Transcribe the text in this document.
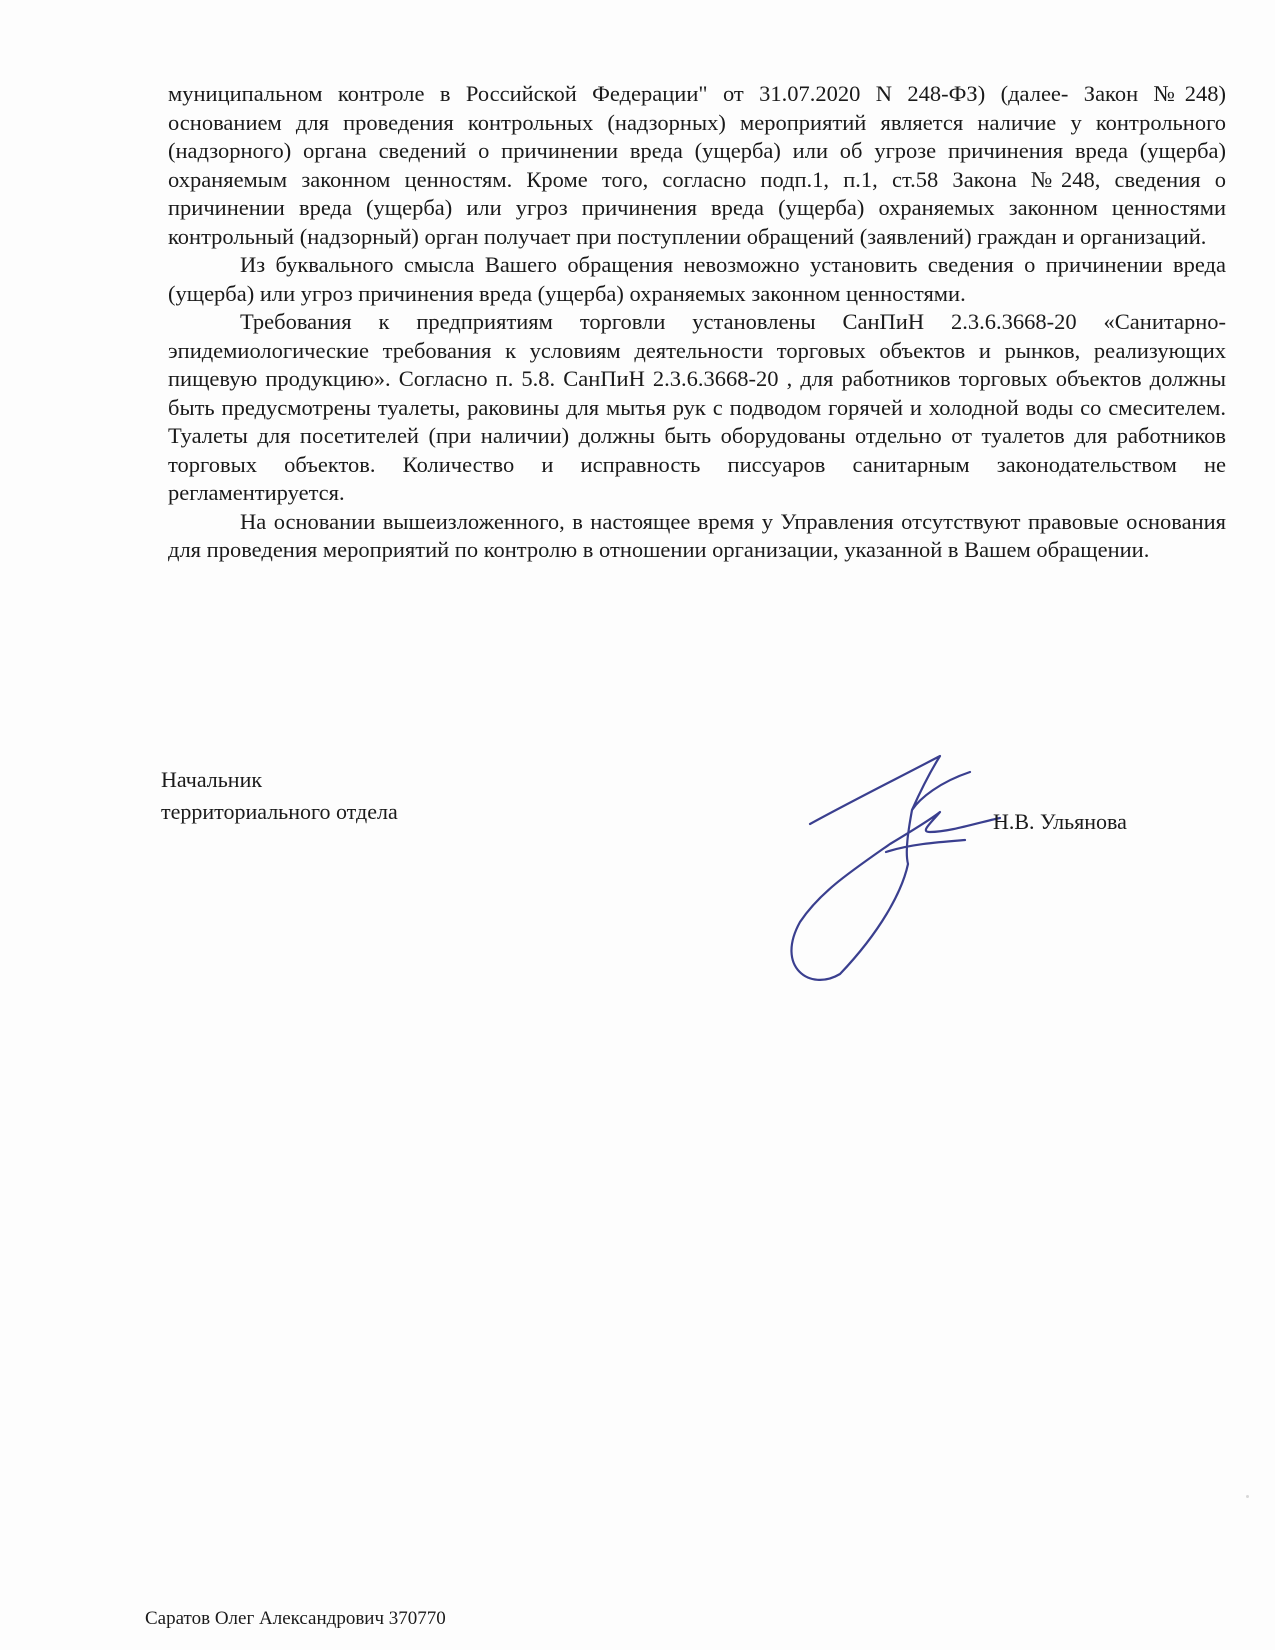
муниципальном контроле в Российской Федерации" от 31.07.2020 N 248-ФЗ) (далее- Закон №248) основанием для проведения контрольных (надзорных) мероприятий является наличие у контрольного (надзорного) органа сведений о причинении вреда (ущерба) или об угрозе причинения вреда (ущерба) охраняемым законном ценностям. Кроме того, согласно подп.1, п.1, ст.58 Закона №248, сведения о причинении вреда (ущерба) или угроз причинения вреда (ущерба) охраняемых законном ценностями контрольный (надзорный) орган получает при поступлении обращений (заявлений) граждан и организаций.

Из буквального смысла Вашего обращения невозможно установить сведения о причинении вреда (ущерба) или угроз причинения вреда (ущерба) охраняемых законном ценностями.

Требования к предприятиям торговли установлены СанПиН 2.3.6.3668-20 «Санитарно-эпидемиологические требования к условиям деятельности торговых объектов и рынков, реализующих пищевую продукцию». Согласно п. 5.8. СанПиН 2.3.6.3668-20 , для работников торговых объектов должны быть предусмотрены туалеты, раковины для мытья рук с подводом горячей и холодной воды со смесителем. Туалеты для посетителей (при наличии) должны быть оборудованы отдельно от туалетов для работников торговых объектов. Количество и исправность писсуаров санитарным законодательством не регламентируется.

На основании вышеизложенного, в настоящее время у Управления отсутствуют правовые основания для проведения мероприятий по контролю в отношении организации, указанной в Вашем обращении.

Начальник
территориального отдела	Н.В. Ульянова
Саратов Олег Александрович 370770
